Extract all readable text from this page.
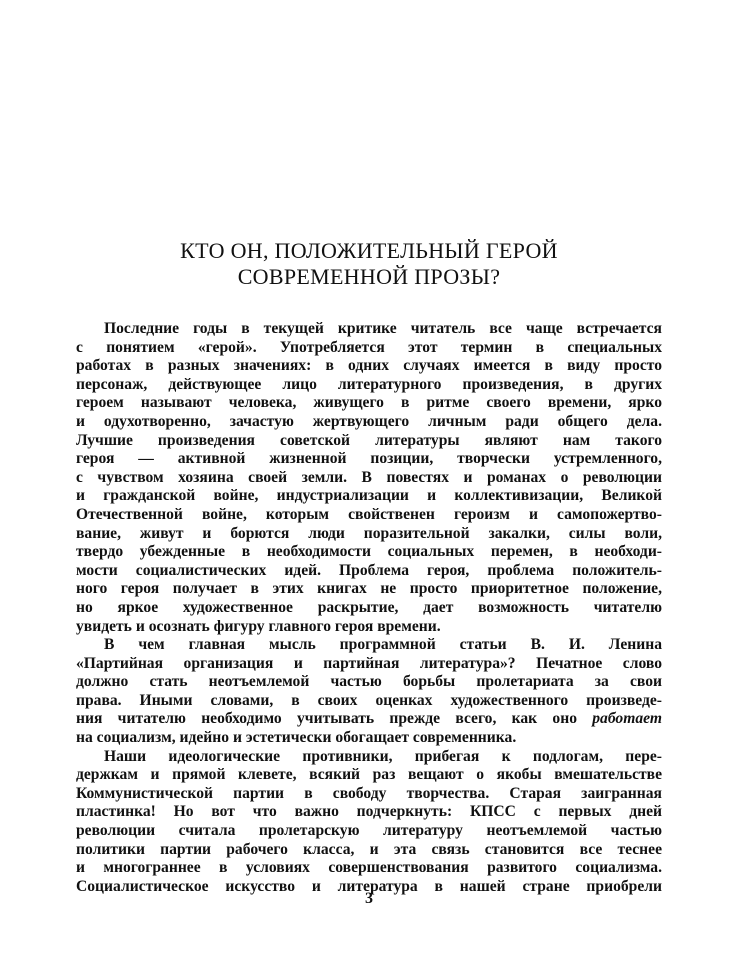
КТО ОН, ПОЛОЖИТЕЛЬНЫЙ ГЕРОЙ
СОВРЕМЕННОЙ ПРОЗЫ?
Последние годы в текущей критике читатель все чаще встречается
с понятием «герой». Употребляется этот термин в специальных
работах в разных значениях: в одних случаях имеется в виду просто
персонаж, действующее лицо литературного произведения, в других
героем называют человека, живущего в ритме своего времени, ярко
и одухотворенно, зачастую жертвующего личным ради общего дела.
Лучшие произведения советской литературы являют нам такого
героя — активной жизненной позиции, творчески устремленного,
с чувством хозяина своей земли. В повестях и романах о революции
и гражданской войне, индустриализации и коллективизации, Великой
Отечественной войне, которым свойственен героизм и самопожертво-
вание, живут и борются люди поразительной закалки, силы воли,
твердо убежденные в необходимости социальных перемен, в необходи-
мости социалистических идей. Проблема героя, проблема положитель-
ного героя получает в этих книгах не просто приоритетное положение,
но яркое художественное раскрытие, дает возможность читателю
увидеть и осознать фигуру главного героя времени.
В чем главная мысль программной статьи В. И. Ленина
«Партийная организация и партийная литература»? Печатное слово
должно стать неотъемлемой частью борьбы пролетариата за свои
права. Иными словами, в своих оценках художественного произведе-
ния читателю необходимо учитывать прежде всего, как оно работает
на социализм, идейно и эстетически обогащает современника.
Наши идеологические противники, прибегая к подлогам, пере-
держкам и прямой клевете, всякий раз вещают о якобы вмешательстве
Коммунистической партии в свободу творчества. Старая заигранная
пластинка! Но вот что важно подчеркнуть: КПСС с первых дней
революции считала пролетарскую литературу неотъемлемой частью
политики партии рабочего класса, и эта связь становится все теснее
и многограннее в условиях совершенствования развитого социализма.
Социалистическое искусство и литература в нашей стране приобрели
3
